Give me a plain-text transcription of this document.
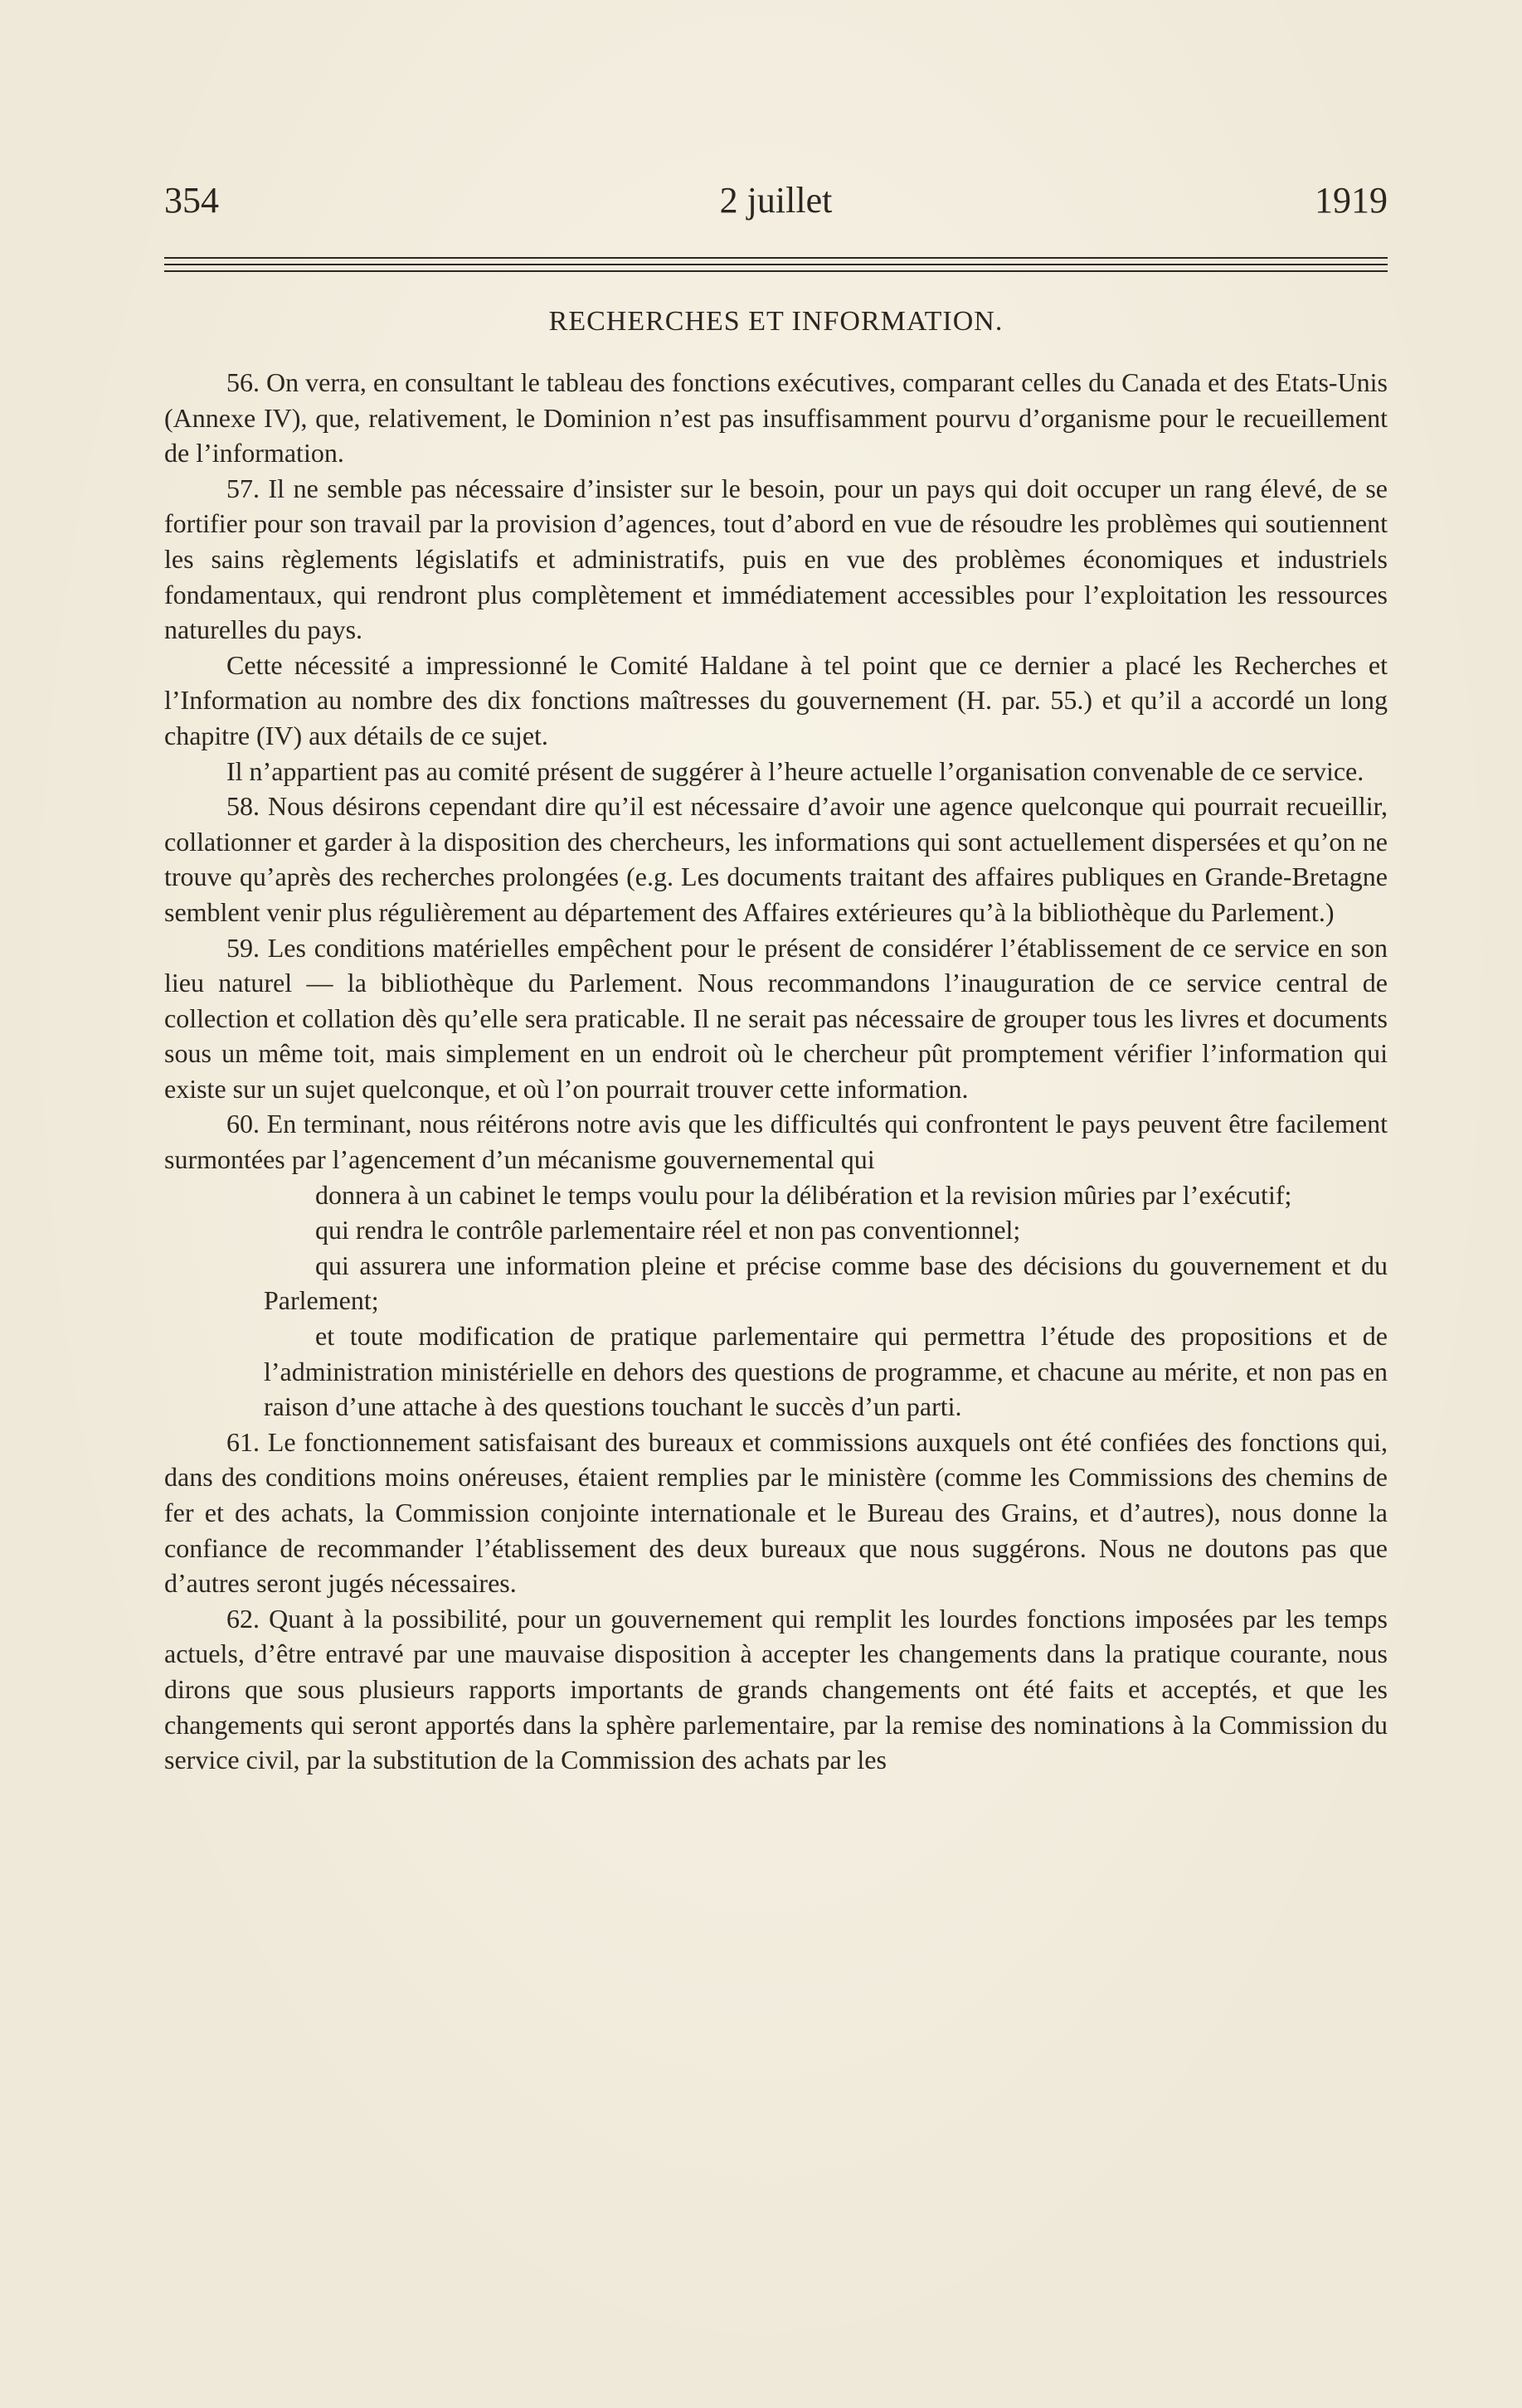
354	2 juillet	1919
RECHERCHES ET INFORMATION.

56. On verra, en consultant le tableau des fonctions exécutives, comparant celles du Canada et des Etats-Unis (Annexe IV), que, relativement, le Dominion n’est pas insuffisamment pourvu d’organisme pour le recueillement de l’information.

57. Il ne semble pas nécessaire d’insister sur le besoin, pour un pays qui doit occuper un rang élevé, de se fortifier pour son travail par la provision d’agences, tout d’abord en vue de résoudre les problèmes qui soutiennent les sains règlements législatifs et administratifs, puis en vue des problèmes économiques et industriels fondamentaux, qui rendront plus complètement et immédiatement accessibles pour l’exploitation les ressources naturelles du pays.

Cette nécessité a impressionné le Comité Haldane à tel point que ce dernier a placé les Recherches et l’Information au nombre des dix fonctions maîtresses du gouvernement (H. par. 55.) et qu’il a accordé un long chapitre (IV) aux détails de ce sujet.

Il n’appartient pas au comité présent de suggérer à l’heure actuelle l’organisation convenable de ce service.

58. Nous désirons cependant dire qu’il est nécessaire d’avoir une agence quelconque qui pourrait recueillir, collationner et garder à la disposition des chercheurs, les informations qui sont actuellement dispersées et qu’on ne trouve qu’après des recherches prolongées (e.g. Les documents traitant des affaires publiques en Grande-Bretagne semblent venir plus régulièrement au département des Affaires extérieures qu’à la bibliothèque du Parlement.)

59. Les conditions matérielles empêchent pour le présent de considérer l’établissement de ce service en son lieu naturel — la bibliothèque du Parlement. Nous recommandons l’inauguration de ce service central de collection et collation dès qu’elle sera praticable. Il ne serait pas nécessaire de grouper tous les livres et documents sous un même toit, mais simplement en un endroit où le chercheur pût promptement vérifier l’information qui existe sur un sujet quelconque, et où l’on pourrait trouver cette information.

60. En terminant, nous réitérons notre avis que les difficultés qui confrontent le pays peuvent être facilement surmontées par l’agencement d’un mécanisme gouvernemental qui

donnera à un cabinet le temps voulu pour la délibération et la revision mûries par l’exécutif;

qui rendra le contrôle parlementaire réel et non pas conventionnel;

qui assurera une information pleine et précise comme base des décisions du gouvernement et du Parlement;

et toute modification de pratique parlementaire qui permettra l’étude des propositions et de l’administration ministérielle en dehors des questions de programme, et chacune au mérite, et non pas en raison d’une attache à des questions touchant le succès d’un parti.

61. Le fonctionnement satisfaisant des bureaux et commissions auxquels ont été confiées des fonctions qui, dans des conditions moins onéreuses, étaient remplies par le ministère (comme les Commissions des chemins de fer et des achats, la Commission conjointe internationale et le Bureau des Grains, et d’autres), nous donne la confiance de recommander l’établissement des deux bureaux que nous suggérons. Nous ne doutons pas que d’autres seront jugés nécessaires.

62. Quant à la possibilité, pour un gouvernement qui remplit les lourdes fonctions imposées par les temps actuels, d’être entravé par une mauvaise disposition à accepter les changements dans la pratique courante, nous dirons que sous plusieurs rapports importants de grands changements ont été faits et acceptés, et que les changements qui seront apportés dans la sphère parlementaire, par la remise des nominations à la Commission du service civil, par la substitution de la Commission des achats par les
